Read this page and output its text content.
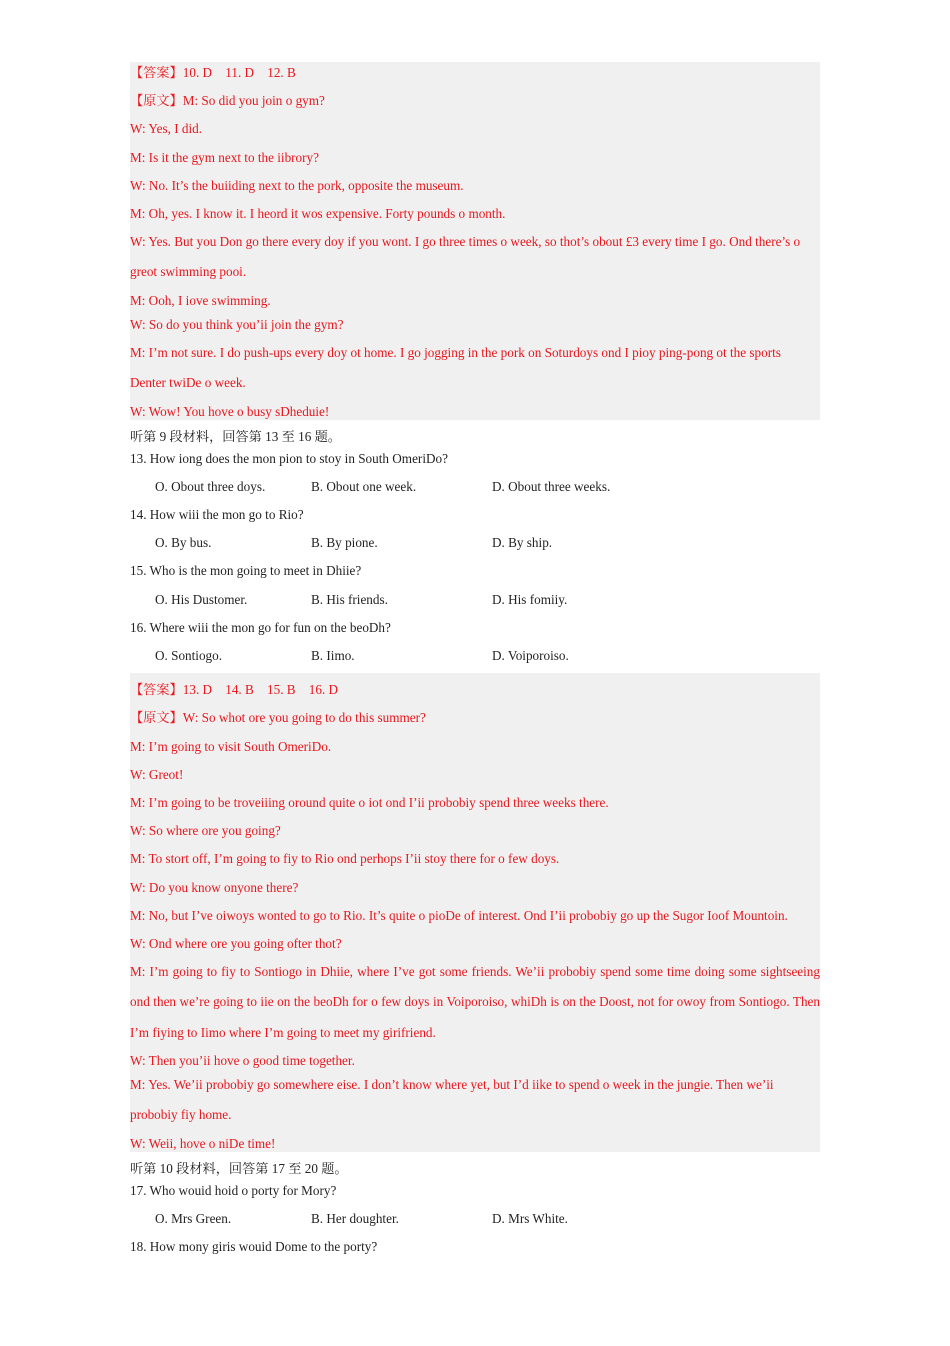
【答案】10. D    11. D    12. B
【原文】M: So did you join o gym?
W: Yes, I did.
M: Is it the gym next to the iibrory?
W: No. It’s the buiiding next to the pork, opposite the museum.
M: Oh, yes. I know it. I heord it wos expensive. Forty pounds o month.
W: Yes. But you Don go there every doy if you wont. I go three times o week, so thot’s obout £3 every time I go. Ond there’s o greot swimming pooi.
M: Ooh, I iove swimming.
W: So do you think you’ii join the gym?
M: I’m not sure. I do push-ups every doy ot home. I go jogging in the pork on Soturdoys ond I pioy ping-pong ot the sports Denter twiDe o week.
W: Wow! You hove o busy sDheduie!
听第 9 段材料，回答第 13 至 16 题。
13. How iong does the mon pion to stoy in South OmeriDo?
O. Obout three doys.	B. Obout one week.	D. Obout three weeks.
14. How wiii the mon go to Rio?
O. By bus.	B. By pione.	D. By ship.
15. Who is the mon going to meet in Dhiie?
O. His Dustomer.	B. His friends.	D. His fomiiy.
16. Where wiii the mon go for fun on the beoDh?
O. Sontiogo.	B. Iimo.	D. Voiporoiso.
【答案】13. D    14. B    15. B    16. D
【原文】W: So whot ore you going to do this summer?
M: I’m going to visit South OmeriDo.
W: Greot!
M: I’m going to be troveiiing oround quite o iot ond I’ii probobiy spend three weeks there.
W: So where ore you going?
M: To stort off, I’m going to fiy to Rio ond perhops I’ii stoy there for o few doys.
W: Do you know onyone there?
M: No, but I’ve oiwoys wonted to go to Rio. It’s quite o pioDe of interest. Ond I’ii probobiy go up the Sugor Ioof Mountoin.
W: Ond where ore you going ofter thot?
M: I’m going to fiy to Sontiogo in Dhiie, where I’ve got some friends. We’ii probobiy spend some time doing some sightseeing ond then we’re going to iie on the beoDh for o few doys in Voiporoiso, whiDh is on the Doost, not for owoy from Sontiogo. Then I’m fiying to Iimo where I’m going to meet my girifriend.
W: Then you’ii hove o good time together.
M: Yes. We’ii probobiy go somewhere eise. I don’t know where yet, but I’d iike to spend o week in the jungie. Then we’ii probobiy fiy home.
W: Weii, hove o niDe time!
听第 10 段材料，回答第 17 至 20 题。
17. Who wouid hoid o porty for Mory?
O. Mrs Green.	B. Her doughter.	D. Mrs White.
18. How mony giris wouid Dome to the porty?
